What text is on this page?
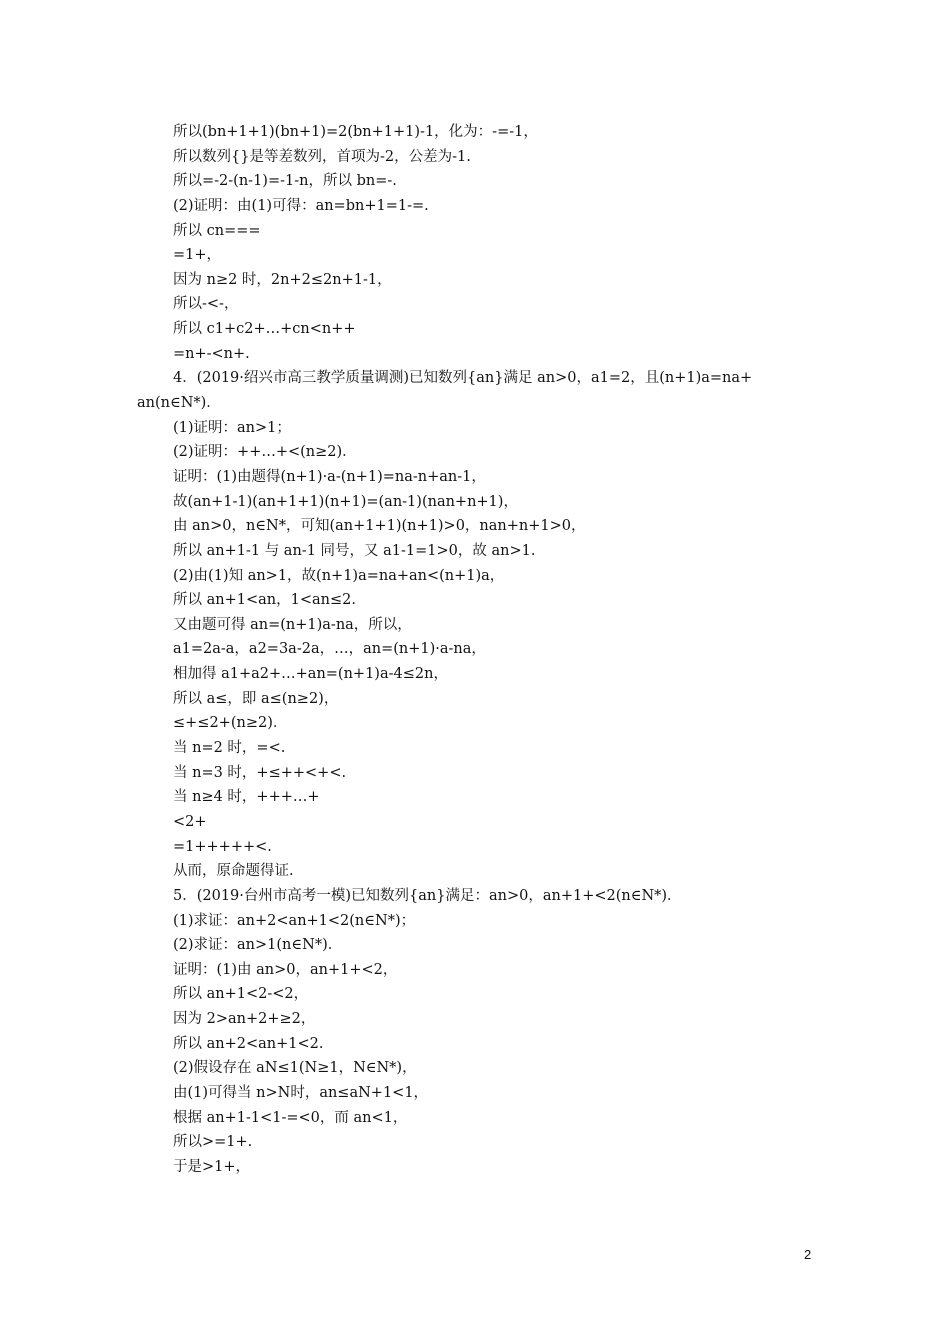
所以(bn+1+1)(bn+1)=2(bn+1+1)-1，化为：-=-1，
所以数列{}是等差数列，首项为-2，公差为-1.
所以=-2-(n-1)=-1-n，所以 bn=-.
(2)证明：由(1)可得：an=bn+1=1-=.
所以 cn===
=1+，
因为 n≥2 时，2n+2≤2n+1-1，
所以-<-，
所以 c1+c2+…+cn<n++
=n+-<n+.
4．(2019·绍兴市高三教学质量调测)已知数列{an}满足 an>0，a1=2，且(n+1)a=na+
an(n∈N*)．
(1)证明：an>1；
(2)证明：++…+<(n≥2)．
证明：(1)由题得(n+1)·a-(n+1)=na-n+an-1，
故(an+1-1)(an+1+1)(n+1)=(an-1)(nan+n+1)，
由 an>0，n∈N*，可知(an+1+1)(n+1)>0，nan+n+1>0，
所以 an+1-1 与 an-1 同号，又 a1-1=1>0，故 an>1.
(2)由(1)知 an>1，故(n+1)a=na+an<(n+1)a，
所以 an+1<an，1<an≤2.
又由题可得 an=(n+1)a-na，所以，
a1=2a-a，a2=3a-2a，…，an=(n+1)·a-na，
相加得 a1+a2+…+an=(n+1)a-4≤2n，
所以 a≤，即 a≤(n≥2)，
≤+≤2+(n≥2)．
当 n=2 时，=<.
当 n=3 时，+≤++<+<.
当 n≥4 时，+++…+
<2+
=1+++++<.
从而，原命题得证.
5．(2019·台州市高考一模)已知数列{an}满足：an>0，an+1+<2(n∈N*)．
(1)求证：an+2<an+1<2(n∈N*)；
(2)求证：an>1(n∈N*)．
证明：(1)由 an>0，an+1+<2，
所以 an+1<2-<2，
因为 2>an+2+≥2，
所以 an+2<an+1<2.
(2)假设存在 aN≤1(N≥1，N∈N*)，
由(1)可得当 n>N时，an≤aN+1<1，
根据 an+1-1<1-=<0，而 an<1，
所以>=1+.
于是>1+，
2
